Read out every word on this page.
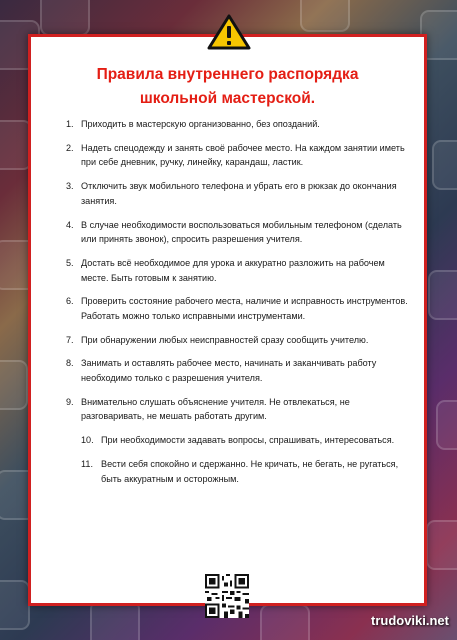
Правила внутреннего распорядка
школьной мастерской.
1. Приходить в мастерскую организованно, без опозданий.
2. Надеть спецодежду и занять своё рабочее место. На каждом занятии иметь при себе дневник, ручку, линейку, карандаш, ластик.
3. Отключить звук мобильного телефона и убрать его в рюкзак до окончания занятия.
4. В случае необходимости воспользоваться мобильным телефоном (сделать или принять звонок), спросить разрешения учителя.
5. Достать всё необходимое для урока и аккуратно разложить на рабочем месте. Быть готовым к занятию.
6. Проверить состояние рабочего места, наличие и исправность инструментов. Работать можно только исправными инструментами.
7. При обнаружении любых неисправностей сразу сообщить учителю.
8. Занимать и оставлять рабочее место, начинать и заканчивать работу необходимо только с разрешения учителя.
9. Внимательно слушать объяснение учителя. Не отвлекаться, не разговаривать, не мешать работать другим.
10. При необходимости задавать вопросы, спрашивать, интересоваться.
11. Вести себя спокойно и сдержанно. Не кричать, не бегать, не ругаться, быть аккуратным и осторожным.
trudoviki.net
